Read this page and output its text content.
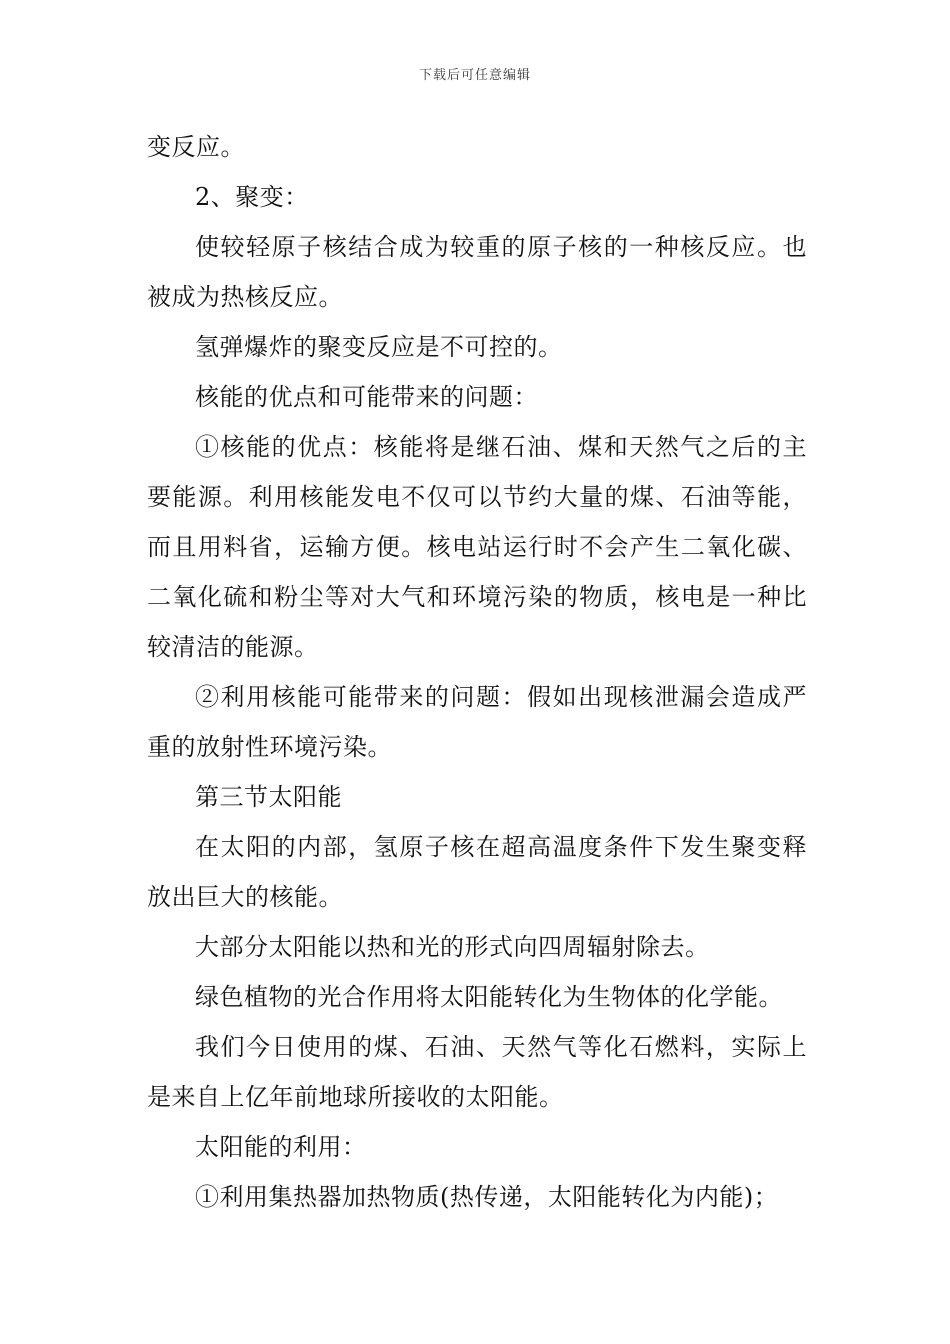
下载后可任意编辑

变反应。

2、聚变：

使较轻原子核结合成为较重的原子核的一种核反应。也被成为热核反应。

氢弹爆炸的聚变反应是不可控的。

核能的优点和可能带来的问题：

①核能的优点：核能将是继石油、煤和天然气之后的主要能源。利用核能发电不仅可以节约大量的煤、石油等能，而且用料省，运输方便。核电站运行时不会产生二氧化碳、二氧化硫和粉尘等对大气和环境污染的物质，核电是一种比较清洁的能源。

②利用核能可能带来的问题：假如出现核泄漏会造成严重的放射性环境污染。

第三节太阳能

在太阳的内部，氢原子核在超高温度条件下发生聚变释放出巨大的核能。

大部分太阳能以热和光的形式向四周辐射除去。

绿色植物的光合作用将太阳能转化为生物体的化学能。

我们今日使用的煤、石油、天然气等化石燃料，实际上是来自上亿年前地球所接收的太阳能。

太阳能的利用：

①利用集热器加热物质(热传递，太阳能转化为内能)；
